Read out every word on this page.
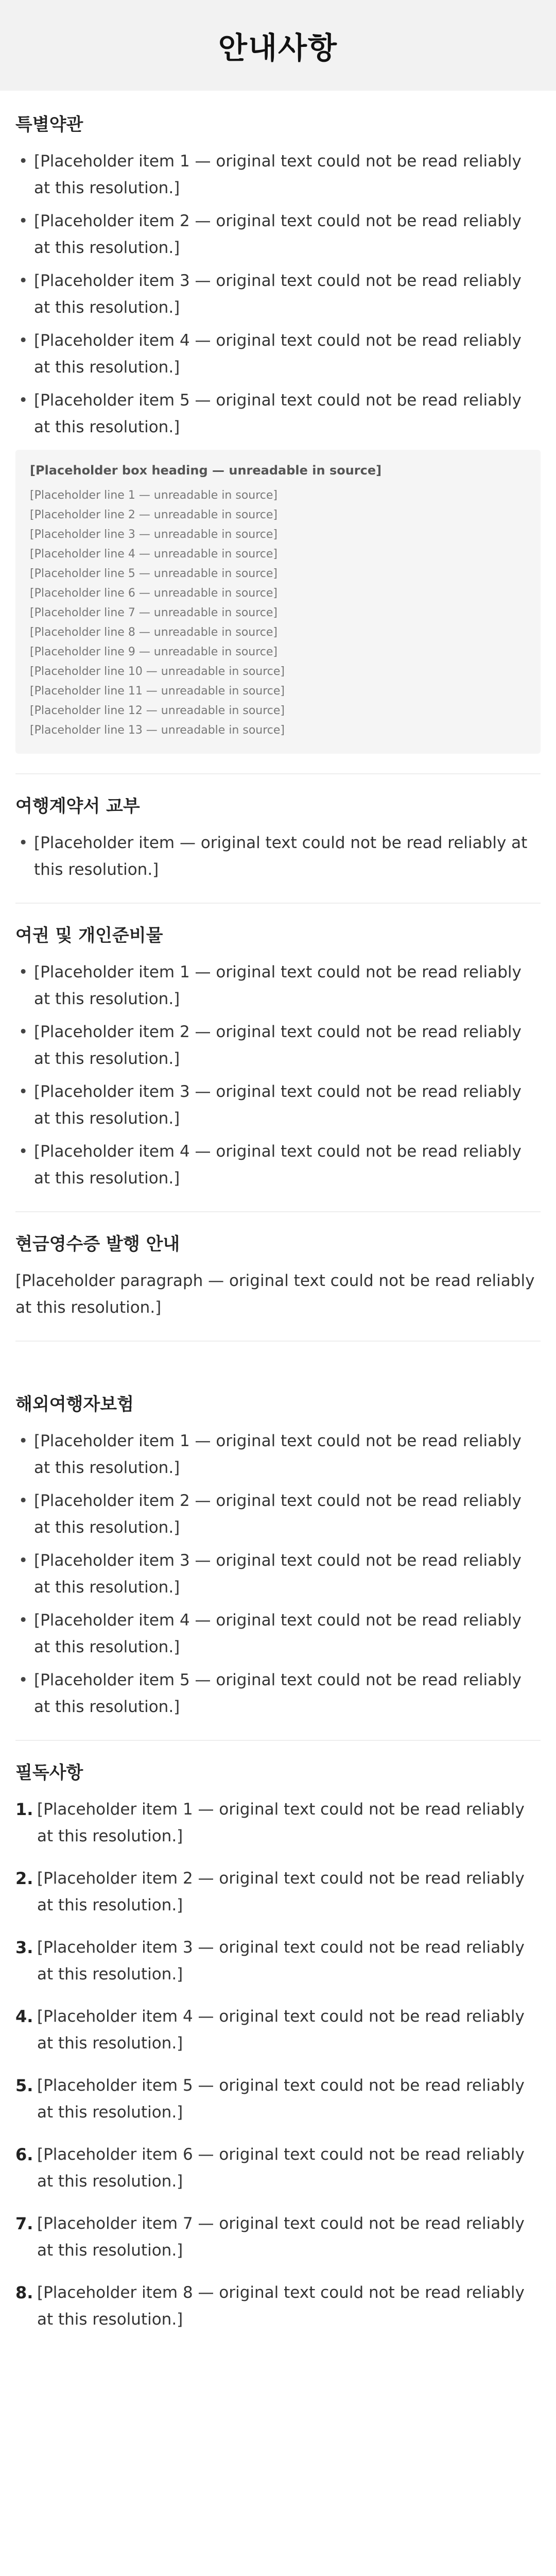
안내사항
특별약관
• [Placeholder item 1 — original text could not be read reliably at this resolution.]
• [Placeholder item 2 — original text could not be read reliably at this resolution.]
• [Placeholder item 3 — original text could not be read reliably at this resolution.]
• [Placeholder item 4 — original text could not be read reliably at this resolution.]
• [Placeholder item 5 — original text could not be read reliably at this resolution.]
[Placeholder box heading — unreadable in source]
[Placeholder line 1 — unreadable in source]
[Placeholder line 2 — unreadable in source]
[Placeholder line 3 — unreadable in source]
[Placeholder line 4 — unreadable in source]
[Placeholder line 5 — unreadable in source]
[Placeholder line 6 — unreadable in source]
[Placeholder line 7 — unreadable in source]
[Placeholder line 8 — unreadable in source]
[Placeholder line 9 — unreadable in source]
[Placeholder line 10 — unreadable in source]
[Placeholder line 11 — unreadable in source]
[Placeholder line 12 — unreadable in source]
[Placeholder line 13 — unreadable in source]
여행계약서 교부
• [Placeholder item — original text could not be read reliably at this resolution.]
여권 및 개인준비물
• [Placeholder item 1 — original text could not be read reliably at this resolution.]
• [Placeholder item 2 — original text could not be read reliably at this resolution.]
• [Placeholder item 3 — original text could not be read reliably at this resolution.]
• [Placeholder item 4 — original text could not be read reliably at this resolution.]
현금영수증 발행 안내

[Placeholder paragraph — original text could not be read reliably at this resolution.]

해외여행자보험
• [Placeholder item 1 — original text could not be read reliably at this resolution.]
• [Placeholder item 2 — original text could not be read reliably at this resolution.]
• [Placeholder item 3 — original text could not be read reliably at this resolution.]
• [Placeholder item 4 — original text could not be read reliably at this resolution.]
• [Placeholder item 5 — original text could not be read reliably at this resolution.]
필독사항
1. [Placeholder item 1 — original text could not be read reliably at this resolution.]
2. [Placeholder item 2 — original text could not be read reliably at this resolution.]
3. [Placeholder item 3 — original text could not be read reliably at this resolution.]
4. [Placeholder item 4 — original text could not be read reliably at this resolution.]
5. [Placeholder item 5 — original text could not be read reliably at this resolution.]
6. [Placeholder item 6 — original text could not be read reliably at this resolution.]
7. [Placeholder item 7 — original text could not be read reliably at this resolution.]
8. [Placeholder item 8 — original text could not be read reliably at this resolution.]
